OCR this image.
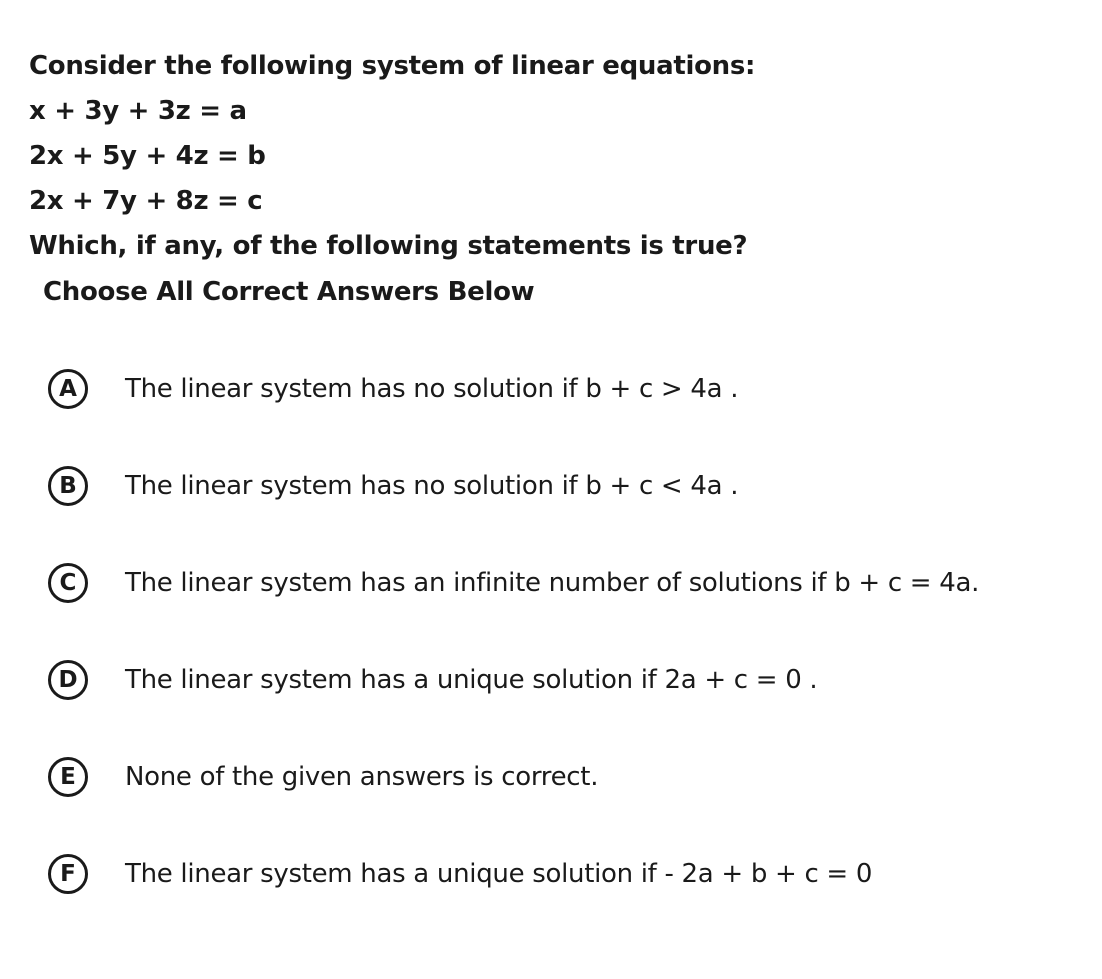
Consider the following system of linear equations:
x + 3y + 3z = a
2x + 5y + 4z = b
2x + 7y + 8z = c
Which, if any, of the following statements is true?
Choose All Correct Answers Below
A	The linear system has no solution if b + c > 4a .
B	The linear system has no solution if b + c < 4a .
C	The linear system has an infinite number of solutions if b + c = 4a.
D	The linear system has a unique solution if 2a + c = 0 .
E	None of the given answers is correct.
F	The linear system has a unique solution if - 2a + b + c = 0
